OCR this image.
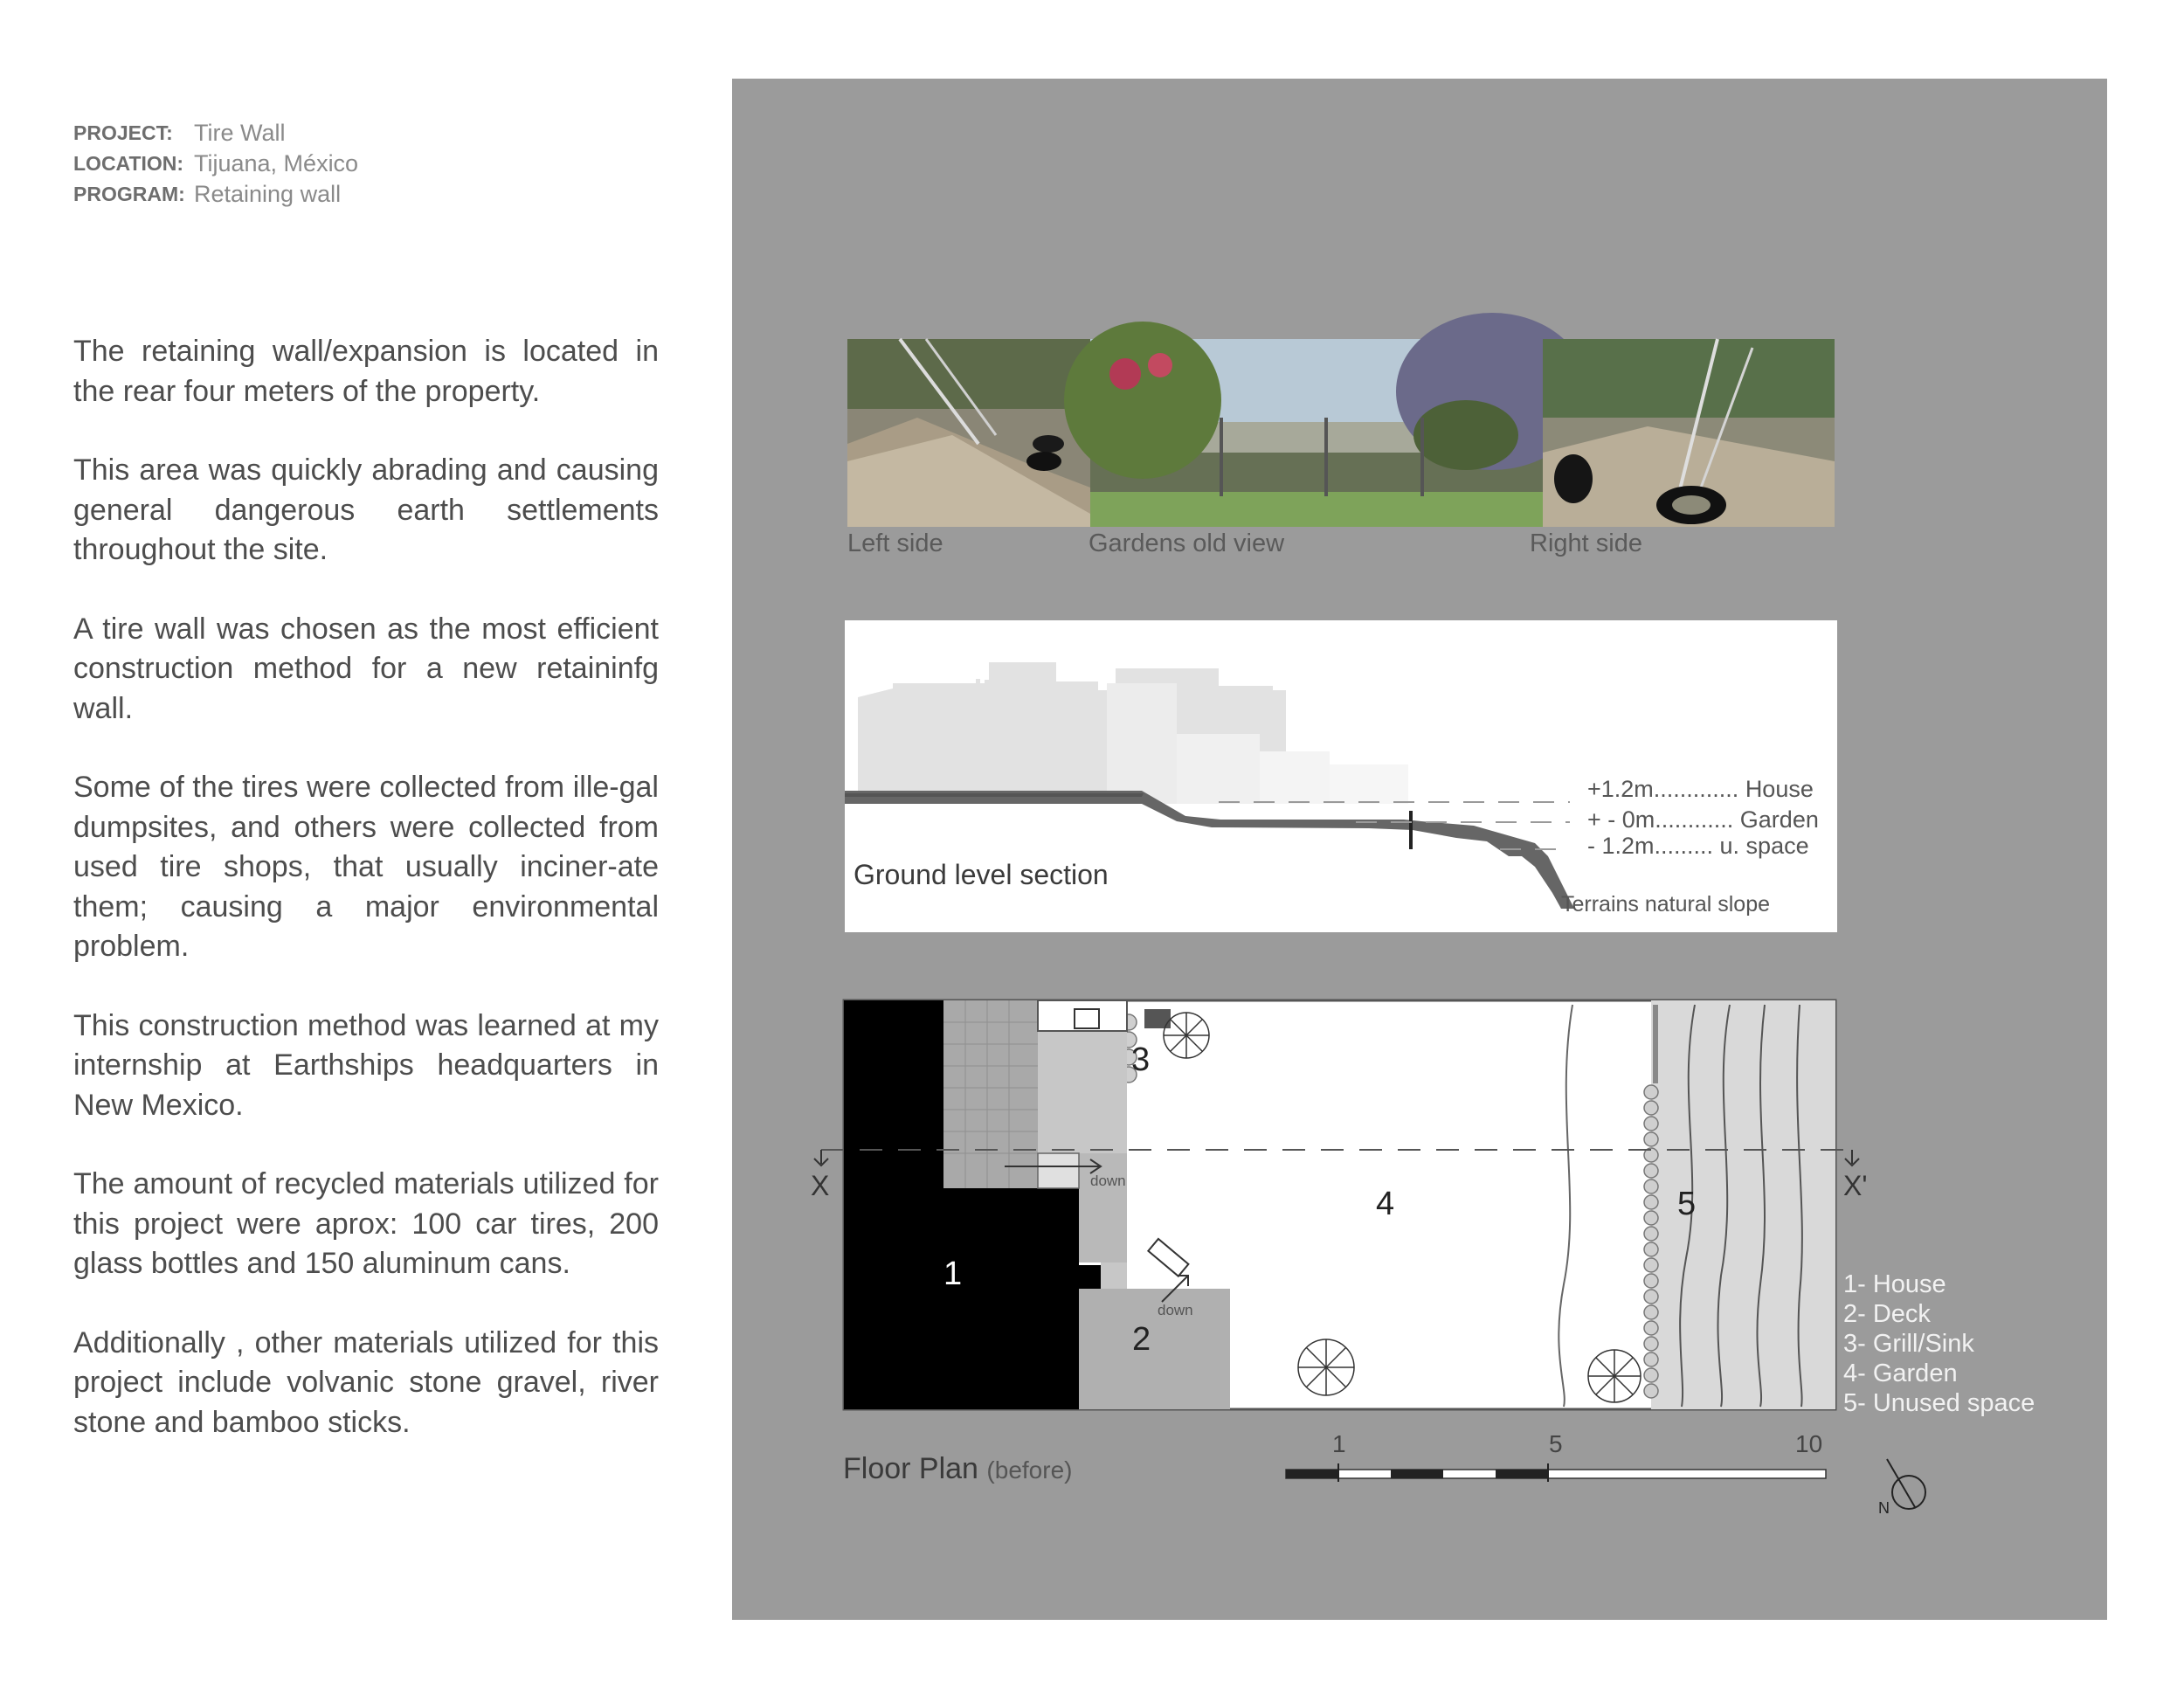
PROJECT: Tire Wall
LOCATION: Tijuana, México
PROGRAM: Retaining wall

The retaining wall/expansion is located in the rear four meters of the property.

This area was quickly abrading and causing general dangerous earth settlements throughout the site.

A tire wall was chosen as the most efficient construction method for a new retaininfg wall.

Some of the tires were collected from ille-gal dumpsites, and others were collected from used tire shops, that usually inciner-ate them; causing a major environmental problem.

This construction method was learned at my internship at Earthships headquarters in New Mexico.

The amount of recycled materials utilized for this project were aprox: 100 car tires, 200 glass bottles and 150 aluminum cans.

Additionally , other materials utilized for this project include volvanic stone gravel, river stone and bamboo sticks.

Left side	Gardens old view	Right side
+1.2m............. House
+ - 0m............ Garden
- 1.2m......... u. space
Ground level section
Terrains natural slope
1
2
3
4	5
down
down
X	X'
1	5	10
N
Floor Plan (before)
1- House
2- Deck
3- Grill/Sink
4- Garden
5- Unused space
